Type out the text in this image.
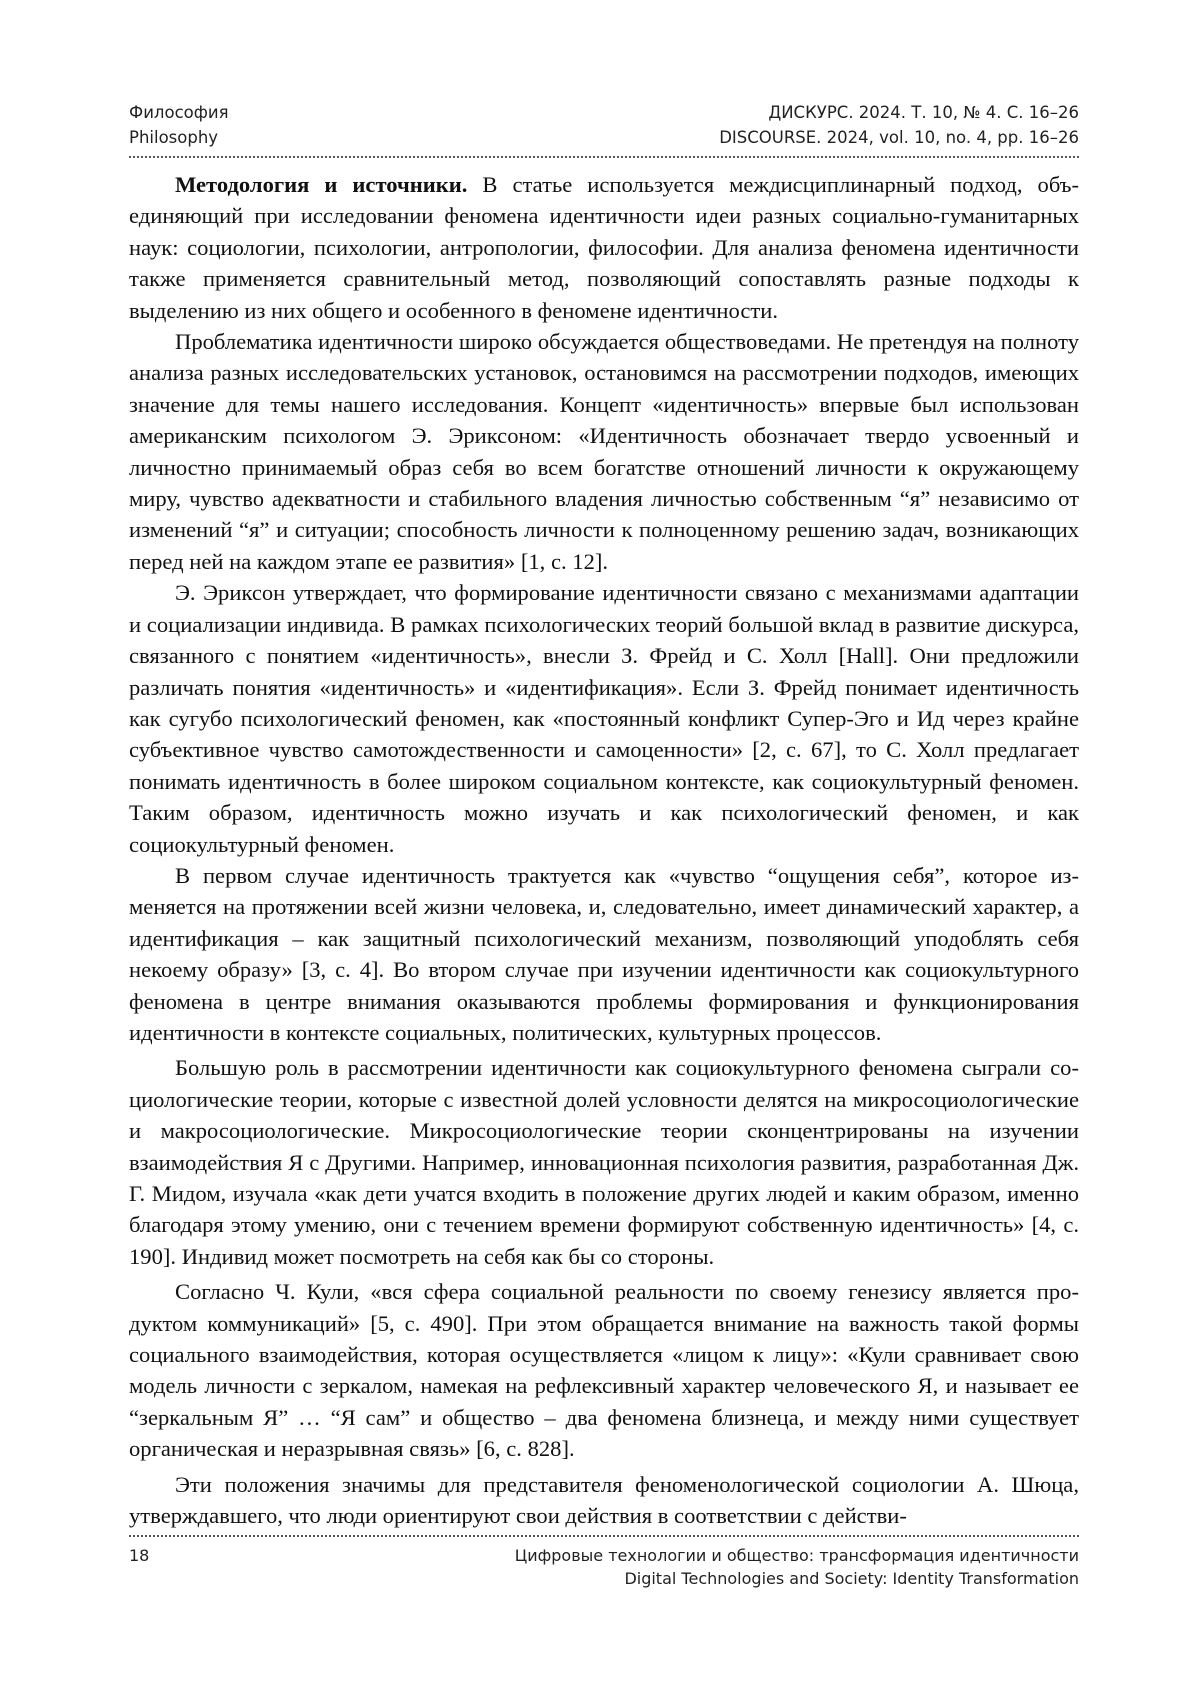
Философия	ДИСКУРС. 2024. Т. 10, № 4. С. 16–26
Philosophy	DISCOURSE. 2024, vol. 10, no. 4, pp. 16–26

Методология и источники. В статье используется междисциплинарный подход, объединяющий при исследовании феномена идентичности идеи разных социально-гуманитарных наук: социологии, психологии, антропологии, философии. Для анализа феномена идентичности также применяется сравнительный метод, позволяющий сопоставлять разные подходы к выделению из них общего и особенного в феномене идентичности.

Проблематика идентичности широко обсуждается обществоведами. Не претендуя на полноту анализа разных исследовательских установок, остановимся на рассмотрении подходов, имеющих значение для темы нашего исследования. Концепт «идентичность» впервые был использован американским психологом Э. Эриксоном: «Идентичность обозначает твердо усвоенный и личностно принимаемый образ себя во всем богатстве отношений личности к окружающему миру, чувство адекватности и стабильного владения личностью собственным “я” независимо от изменений “я” и ситуации; способность личности к полноценному решению задач, возникающих перед ней на каждом этапе ее развития» [1, с. 12].

Э. Эриксон утверждает, что формирование идентичности связано с механизмами адаптации и социализации индивида. В рамках психологических теорий большой вклад в развитие дискурса, связанного с понятием «идентичность», внесли З. Фрейд и С. Холл [Hall]. Они предложили различать понятия «идентичность» и «идентификация». Если З. Фрейд понимает идентичность как сугубо психологический феномен, как «постоянный конфликт Супер-Эго и Ид через крайне субъективное чувство самотождественности и самоценности» [2, с. 67], то С. Холл предлагает понимать идентичность в более широком социальном контексте, как социокультурный феномен. Таким образом, идентичность можно изучать и как психологический феномен, и как социокультурный феномен.

В первом случае идентичность трактуется как «чувство “ощущения себя”, которое изменяется на протяжении всей жизни человека, и, следовательно, имеет динамический характер, а идентификация – как защитный психологический механизм, позволяющий уподоблять себя некоему образу» [3, с. 4]. Во втором случае при изучении идентичности как социокультурного феномена в центре внимания оказываются проблемы формирования и функционирования идентичности в контексте социальных, политических, культурных процессов.

Большую роль в рассмотрении идентичности как социокультурного феномена сыграли социологические теории, которые с известной долей условности делятся на микросоциологические и макросоциологические. Микросоциологические теории сконцентрированы на изучении взаимодействия Я с Другими. Например, инновационная психология развития, разработанная Дж. Г. Мидом, изучала «как дети учатся входить в положение других людей и каким образом, именно благодаря этому умению, они с течением времени формируют собственную идентичность» [4, с. 190]. Индивид может посмотреть на себя как бы со стороны.

Согласно Ч. Кули, «вся сфера социальной реальности по своему генезису является продуктом коммуникаций» [5, с. 490]. При этом обращается внимание на важность такой формы социального взаимодействия, которая осуществляется «лицом к лицу»: «Кули сравнивает свою модель личности с зеркалом, намекая на рефлексивный характер человеческого Я, и называет ее “зеркальным Я” … “Я сам” и общество – два феномена близнеца, и между ними существует органическая и неразрывная связь» [6, с. 828].

Эти положения значимы для представителя феноменологической социологии А. Шюца, утверждавшего, что люди ориентируют свои действия в соответствии с действи-

18	Цифровые технологии и общество: трансформация идентичности
Digital Technologies and Society: Identity Transformation
